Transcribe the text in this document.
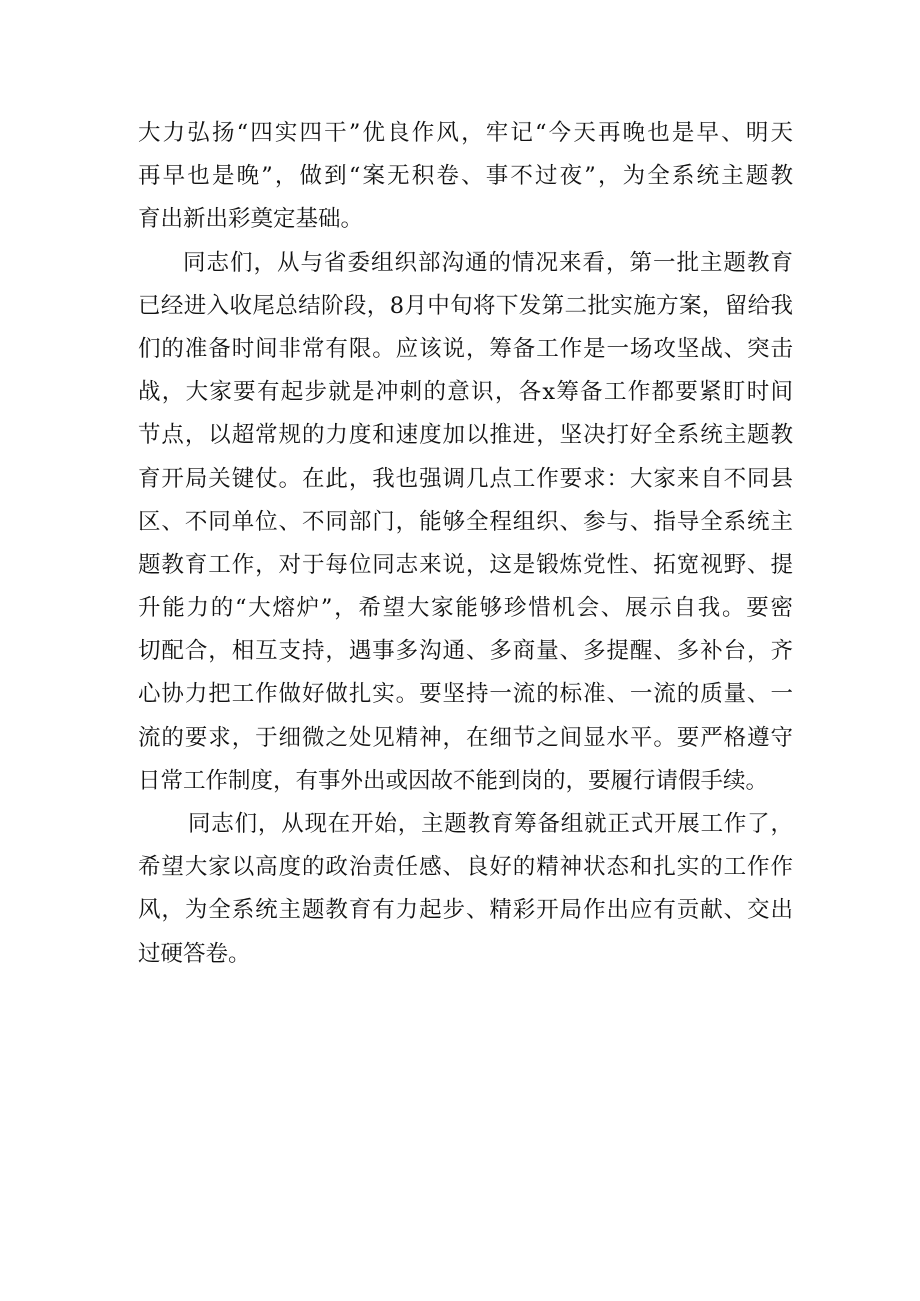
大力弘扬“四实四干”优良作风，牢记“今天再晚也是早、明天
再早也是晚”，做到“案无积卷、事不过夜”，为全系统主题教
育出新出彩奠定基础。
同志们，从与省委组织部沟通的情况来看，第一批主题教育
已经进入收尾总结阶段，8月中旬将下发第二批实施方案，留给我
们的准备时间非常有限。应该说，筹备工作是一场攻坚战、突击
战，大家要有起步就是冲刺的意识，各x筹备工作都要紧盯时间
节点，以超常规的力度和速度加以推进，坚决打好全系统主题教
育开局关键仗。在此，我也强调几点工作要求：大家来自不同县
区、不同单位、不同部门，能够全程组织、参与、指导全系统主
题教育工作，对于每位同志来说，这是锻炼党性、拓宽视野、提
升能力的“大熔炉”，希望大家能够珍惜机会、展示自我。要密
切配合，相互支持，遇事多沟通、多商量、多提醒、多补台，齐
心协力把工作做好做扎实。要坚持一流的标准、一流的质量、一
流的要求，于细微之处见精神，在细节之间显水平。要严格遵守
日常工作制度，有事外出或因故不能到岗的，要履行请假手续。
同志们，从现在开始，主题教育筹备组就正式开展工作了，
希望大家以高度的政治责任感、良好的精神状态和扎实的工作作
风，为全系统主题教育有力起步、精彩开局作出应有贡献、交出
过硬答卷。
